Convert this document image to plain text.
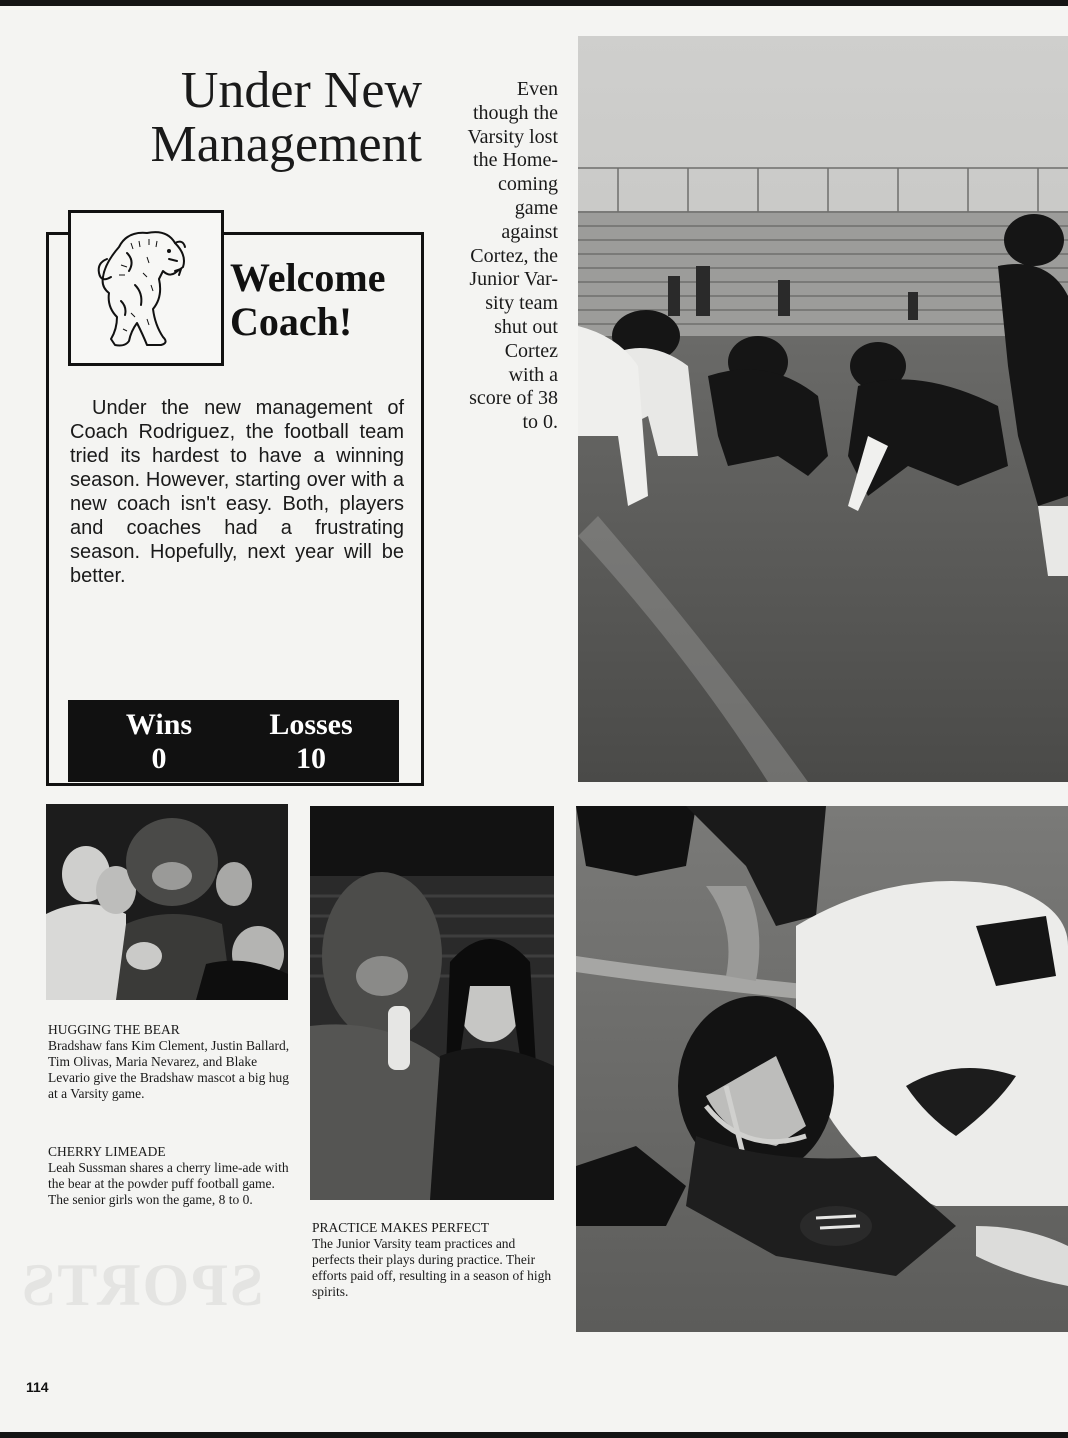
SPORTS
Under New
Management
Even
though the
Varsity lost
the Home-
coming
game
against
Cortez, the
Junior Var-
sity team
shut out
Cortez
with a
score of 38
to 0.
Welcome
Coach!
Under the new management of Coach Rodriguez, the football team tried its hardest to have a winning season. However, starting over with a new coach isn't easy. Both, players and coaches had a frustrating season. Hopefully, next year will be better.
Wins
0
Losses
10
HUGGING THE BEAR
Bradshaw fans Kim Clement, Justin Ballard, Tim Olivas, Maria Nevarez, and Blake Levario give the Bradshaw mascot a big hug at a Varsity game.
CHERRY LIMEADE
Leah Sussman shares a cherry lime-ade with the bear at the powder puff football game. The senior girls won the game, 8 to 0.
PRACTICE MAKES PERFECT
The Junior Varsity team practices and perfects their plays during practice. Their efforts paid off, resulting in a season of high spirits.
114
